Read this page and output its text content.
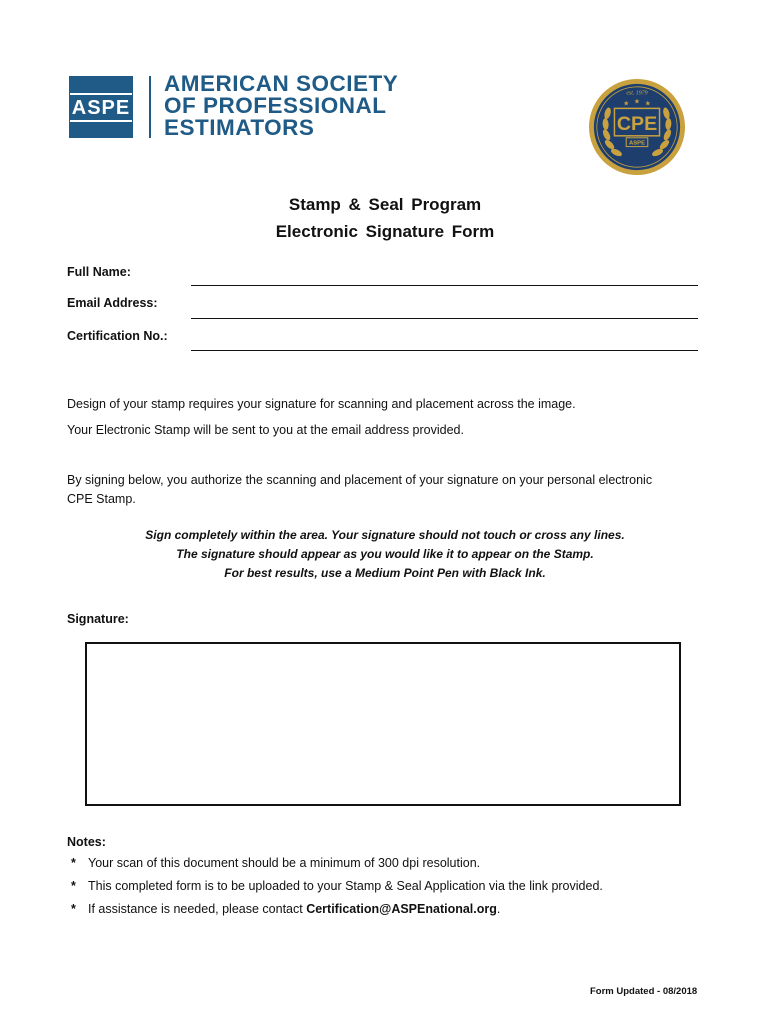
ASPE
AMERICAN SOCIETY
OF PROFESSIONAL
ESTIMATORS
est. 1979
★ ★ ★
CPE
ASPE
Stamp & Seal Program
Electronic Signature Form
Full Name:
Email Address:
Certification No.:
Design of your stamp requires your signature for scanning and placement across the image.
Your Electronic Stamp will be sent to you at the email address provided.
By signing below, you authorize the scanning and placement of your signature on your personal electronic CPE Stamp.
Sign completely within the area. Your signature should not touch or cross any lines.
The signature should appear as you would like it to appear on the Stamp.
For best results, use a Medium Point Pen with Black Ink.
Signature:
Notes:
* Your scan of this document should be a minimum of 300 dpi resolution.
* This completed form is to be uploaded to your Stamp & Seal Application via the link provided.
* If assistance is needed, please contact Certification@ASPEnational.org.
Form Updated - 08/2018
